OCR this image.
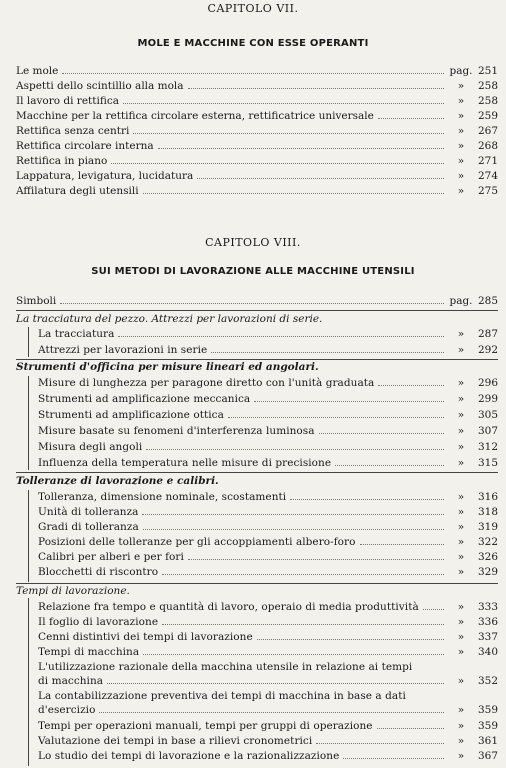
CAPITOLO VII.
MOLE E MACCHINE CON ESSE OPERANTI
Le mole	pag. 251
Aspetti dello scintillio alla mola	»	258
Il lavoro di rettifica	»	258
Macchine per la rettifica circolare esterna, rettificatrice universale	»	259
Rettifica senza centri	»	267
Rettifica circolare interna	»	268
Rettifica in piano	»	271
Lappatura, levigatura, lucidatura	»	274
Affilatura degli utensili	»	275
CAPITOLO VIII.
SUI METODI DI LAVORAZIONE ALLE MACCHINE UTENSILI
Simboli	pag. 285
La tracciatura del pezzo. Attrezzi per lavorazioni di serie.
La tracciatura	»	287
Attrezzi per lavorazioni in serie	»	292
Strumenti d'officina per misure lineari ed angolari.
Misure di lunghezza per paragone diretto con l'unità graduata	»	296
Strumenti ad amplificazione meccanica	»	299
Strumenti ad amplificazione ottica	»	305
Misure basate su fenomeni d'interferenza luminosa	»	307
Misura degli angoli	»	312
Influenza della temperatura nelle misure di precisione	»	315
Tolleranze di lavorazione e calibri.
Tolleranza, dimensione nominale, scostamenti	»	316
Unità di tolleranza	»	318
Gradi di tolleranza	»	319
Posizioni delle tolleranze per gli accoppiamenti albero-foro	»	322
Calibri per alberi e per fori	»	326
Blocchetti di riscontro	»	329
Tempi di lavorazione.
Relazione fra tempo e quantità di lavoro, operaio di media produttività	»	333
Il foglio di lavorazione	»	336
Cenni distintivi dei tempi di lavorazione	»	337
Tempi di macchina	»	340
L'utilizzazione razionale della macchina utensile in relazione ai tempi
di macchina	»	352
La contabilizzazione preventiva dei tempi di macchina in base a dati
d'esercizio	»	359
Tempi per operazioni manuali, tempi per gruppi di operazione	»	359
Valutazione dei tempi in base a rilievi cronometrici	»	361
Lo studio dei tempi di lavorazione e la razionalizzazione	»	367
